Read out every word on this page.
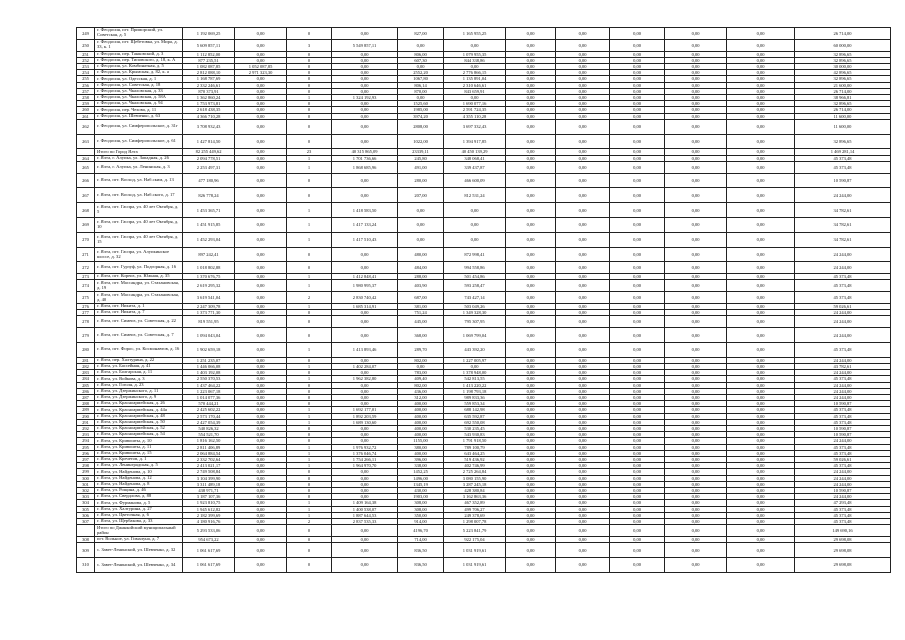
249	г. Феодосия, пгт. Приморский, ул. Советская, д. 5	1 192 069,25	0,00	0	0,00	827,00	1 165 955,25	0,00	0,00	0,00	0,00	0,00	26 714,00
250	г. Феодосия, пгт. Щебетовка, ул. Мира, д. 33, к. 1	5 609 857,11	0,00	3	5 549 857,11	0,00	0,00	0,00	0,00	0,00	0,00	0,00	60 000,00
251	г. Феодосия, пер. Танковский, д. 3	1 112 852,00	0,00	0	0,00	806,00	1 079 955,35	0,00	0,00	0,00	0,00	0,00	32 896,65
252	г. Феодосия, пер. Типовского, д. 18, к. А	877 235,51	0,00	0	0,00	607,30	844 338,86	0,00	0,00	0,00	0,00	0,00	32 896,65
253	г. Феодосия, ул. Комбинатная, д. 5	1 082 087,85	1 052 087,85	0	0,00	0,00	0,00	0,00	0,00	0,00	0,00	0,00	30 000,00
254	г. Феодосия, ул. Крымская, д. 82, к. а	2 812 088,10	2 971 323,30	0	0,00	2552,20	2 776 866,15	0,00	0,00	0,00	0,00	0,00	42 896,65
255	г. Феодосия, ул. Одесская, д. 1	1 168 787,69	0,00	0	0,00	1067,80	1 135 891,04	0,00	0,00	0,00	0,00	0,00	32 896,65
256	г. Феодосия, ул. Советская, д. 18	2 332 246,61	0,00	0	0,00	806,14	2 310 646,61	0,00	0,00	0,00	0,00	0,00	21 600,00
257	г. Феодосия, ул. Чкаловская, д. 33	870 373,91	0,00	0	0,00	870,00	843 659,91	0,00	0,00	0,00	0,00	0,00	26 714,00
258	г. Феодосия, ул. Чкаловская, д. 58А	1 362 860,24	0,00	1	1 324 192,93	0,00	0,00	0,00	0,00	0,00	0,00	0,00	38 966,81
259	г. Феодосия, ул. Чкаловская, д. 94	1 753 973,81	0,00	0	0,00	1525,60	1 690 077,16	0,00	0,00	0,00	0,00	0,00	32 896,65
260	г. Феодосия, пер. Чехова, д. 11	2 618 438,35	0,00	0	0,00	1985,00	2 591 724,35	0,00	0,00	0,00	0,00	0,00	26 714,00
261	г. Феодосия, ул. Шевченко, д. 63	4 366 710,28	0,00	0	0,00	3974,20	4 355 110,28	0,00	0,00	0,00	0,00	0,00	11 600,00
262	г. Феодосия, ул. Симферопольское, д. 31г	3 708 932,43	0,00	0	0,00	2808,00	3 697 332,43	0,00	0,00	0,00	0,00	0,00	11 600,00
263	г. Феодосия, ул. Симферопольское, д. 61	1 427 814,50	0,00	0	0,00	1022,00	1 394 917,85	0,00	0,00	0,00	0,00	0,00	32 896,65
	Итого по Город Ялта	82 255 449,62	0,00	23	40 315 865,09	23339,11	40 450 139,29	0,00	0,00	0,00	0,00	0,00	1 469 281,14
264	г. Ялта, г. Алупка, ул. Западная, д. 26	2 094 778,51	0,00	1	1 701 736,66	245,80	348 068,41	0,00	0,00	0,00	0,00	0,00	45 373,48
265	г. Ялта, г. Алупка, ул. Ленинская, д. 3	2 253 497,31	0,00	1	1 868 685,96	491,00	339 437,87	0,00	0,00	0,00	0,00	0,00	45 373,48
266	г. Ялта, пгт. Восход, ул. Наб.ским, д. 13	477 180,96	0,00	0	0,00	280,00	466 600,09	0,00	0,00	0,00	0,00	0,00	10 590,87
267	г. Ялта, пгт. Восход, ул. Наб.ского, д. 17	826 778,24	0,00	0	0,00	207,00	812 531,24	0,00	0,00	0,00	0,00	0,00	24 244,00
268	г. Ялта, пгт. Гаспра, ул. 40 лет Октября, д. 5	1 453 365,71	0,00	1	1 418 583,50	0,00	0,00	0,00	0,00	0,00	0,00	0,00	34 782,61
269	г. Ялта, пгт. Гаспра, ул. 40 лет Октября, д. 10	1 451 915,85	0,00	1	1 417 133,24	0,00	0,00	0,00	0,00	0,00	0,00	0,00	34 782,61
270	г. Ялта, пгт. Гаспра, ул. 40 лет Октября, д. 15	1 452 293,04	0,00	1	1 417 510,43	0,00	0,00	0,00	0,00	0,00	0,00	0,00	34 782,61
271	г. Ялта, пгт. Гаспра, ул. Алупкинское шоссе, д. 32	897 242,41	0,00	0	0,00	480,00	872 998,41	0,00	0,00	0,00	0,00	0,00	24 244,00
272	г. Ялта, пгт. Гурзуф, ул. Подгорная, д. 16	1 018 802,88	0,00	0	0,00	484,00	994 558,86	0,00	0,00	0,00	0,00	0,00	24 244,00
273	г. Ялта, пгт. Кореиз, ул. Южная, д. 35	1 370 676,75	0,00	1	1 412 848,41	288,00	501 454,86	0,00	0,00	0,00	0,00	0,00	45 373,48
274	г. Ялта, пгт. Массандра, ул. Стахановская, д. 19	2 619 295,32	0,00	1	1 980 995,37	403,90	593 258,47	0,00	0,00	0,00	0,00	0,00	45 373,48
275	г. Ялта, пгт. Массандра, ул. Стахановская, д. 40	3 619 541,04	0,00	2	2 830 740,42	687,00	743 427,14	0,00	0,00	0,00	0,00	0,00	45 373,48
276	г. Ялта, пгт. Никита, д. 1	2 247 309,78	0,00	1	1 685 314,91	381,00	503 049,26	0,00	0,00	0,00	0,00	0,00	59 026,61
277	г. Ялта, пгт. Никита, д. 7	1 373 771,30	0,00	0	0,00	751,24	1 349 328,30	0,00	0,00	0,00	0,00	0,00	24 244,00
278	г. Ялта, пгт. Симеиз, ул. Советская, д. 22	819 551,95	0,00	0	0,00	445,00	795 307,95	0,00	0,00	0,00	0,00	0,00	24 244,00
279	г. Ялта, пгт. Симеиз, ул. Советская, д. 7	1 094 043,04	0,00	0	0,00	368,00	1 069 799,04	0,00	0,00	0,00	0,00	0,00	24 244,00
280	г. Ялта, пгт. Форос, ул. Космонавтов, д. 16	1 902 659,18	0,00	1	1 413 893,46	289,70	443 392,20	0,00	0,00	0,00	0,00	0,00	45 373,48
281	г. Ялта, пер. Халтурина, д. 22	1 251 235,07	0,00	0	0,00	802,00	1 227 005,97	0,00	0,00	0,00	0,00	0,00	24 244,00
282	г. Ялта, ул. Бассейная, д. 41	1 446 066,08	0,00	1	1 402 284,07	0,00	0,00	0,00	0,00	0,00	0,00	0,00	43 782,61
283	г. Ялта, ул. Болгарская, д. 11	1 403 192,08	0,00	0	0,00	783,00	1 378 948,00	0,00	0,00	0,00	0,00	0,00	24 244,00
284	г. Ялта, ул. Войкова, д. 3	2 550 370,53	0,00	1	1 962 382,80	409,40	542 813,55	0,00	0,00	0,00	0,00	0,00	45 373,48
285	г. Ялта, ул. Гоголя, д. 23	1 437 464,22	0,00	0	0,00	802,00	1 413 220,22	0,00	0,00	0,00	0,00	0,00	24 244,00
286	г. Ялта, ул. Дзержинского, д. 11	1 223 067,18	0,00	0	0,00	436,00	1 198 793,18	0,00	0,00	0,00	0,00	0,00	24 244,00
287	г. Ялта, ул. Дзержинского, д. 9	1 014 077,36	0,00	0	0,00	312,00	989 833,36	0,00	0,00	0,00	0,00	0,00	24 244,00
288	г. Ялта, ул. Красноармейская, д. 26	570 444,21	0,00	0	0,00	400,00	559 853,34	0,00	0,00	0,00	0,00	0,00	10 590,87
289	г. Ялта, ул. Красноармейская, д. 44а	2 425 602,22	0,00	1	1 692 177,01	400,00	688 142,98	0,00	0,00	0,00	0,00	0,00	45 373,48
290	г. Ялта, ул. Красноармейская, д. 48	2 573 170,44	0,00	1	1 892 203,59	400,00	635 592,87	0,00	0,00	0,00	0,00	0,00	45 373,48
291	г. Ялта, ул. Красноармейская, д. 50	2 427 054,39	0,00	1	1 689 130,60	400,00	692 550,08	0,00	0,00	0,00	0,00	0,00	45 373,48
292	г. Ялта, ул. Красноармейская, д. 52	540 826,32	0,00	0	0,00	400,00	530 235,45	0,00	0,00	0,00	0,00	0,00	10 590,87
293	г. Ялта, ул. Красноармейская, д. 54	554 521,70	0,00	0	0,00	400,00	543 930,83	0,00	0,00	0,00	0,00	0,00	10 590,87
294	г. Ялта, ул. Кривошты, д. 10	1 816 162,50	0,00	0	0,00	1155,00	1 791 918,50	0,00	0,00	0,00	0,00	0,00	24 244,00
295	г. Ялта, ул. Кривошты, д. 11	2 811 406,89	0,00	1	1 976 932,72	380,00	789 100,79	0,00	0,00	0,00	0,00	0,00	45 373,48
296	г. Ялта, ул. Кривошты, д. 15	2 064 884,54	0,00	1	1 376 046,74	400,00	643 464,25	0,00	0,00	0,00	0,00	0,00	45 373,48
297	г. Ялта, ул. Кречетов, д. 1	2 332 702,64	0,00	1	1 754 266,11	396,00	519 436,92	0,00	0,00	0,00	0,00	0,00	59 026,61
298	г. Ялта, ул. Ленинградская, д. 5	2 413 021,17	0,00	1	1 964 970,70	338,00	402 746,99	0,00	0,00	0,00	0,00	0,00	45 373,48
299	г. Ялта, ул. Найденова, д. 10	2 749 508,84	0,00	0	0,00	1452,25	2 725 264,84	0,00	0,00	0,00	0,00	0,00	24 244,00
300	г. Ялта, ул. Найденова, д. 12	3 104 399,90	0,00	0	0,00	1496,00	3 080 155,90	0,00	0,00	0,00	0,00	0,00	24 244,00
301	г. Ялта, ул. Найденова, д. 8	3 311 489,18	0,00	0	0,00	1345,19	3 287 245,18	0,00	0,00	0,00	0,00	0,00	24 244,00
302	г. Ялта, ул. Рощина, д. 46	438 971,71	0,00	0	0,00	430,00	428 380,84	0,00	0,00	0,00	0,00	0,00	10 590,87
303	г. Ялта, ул. Свердлова, д. 88	3 187 107,36	0,00	0	0,00	1903,00	3 162 863,36	0,00	0,00	0,00	0,00	0,00	24 244,00
304	г. Ялта, ул. Фурманова, д. 5	1 923 810,75	0,00	1	1 409 164,38	308,00	467 352,89	0,00	0,00	0,00	0,00	0,00	47 293,48
305	г. Ялта, ул. Халтурина, д. 27	1 945 612,82	0,00	1	1 400 538,07	308,00	499 706,27	0,00	0,00	0,00	0,00	0,00	45 373,48
306	г. Ялта, ул. Цветочная, д. 6	2 182 399,69	0,00	1	1 887 644,53	350,00	249 378,69	0,00	0,00	0,00	0,00	0,00	45 373,48
307	г. Ялта, ул. Щербакова, д. 33	4 180 916,76	0,00	2	2 837 535,33	914,00	1 298 007,78	0,00	0,00	0,00	0,00	0,00	45 373,48
	Итого по Джанкойский муниципальный район	5 293 533,06	0,00	0	0,00	4196,70	5 223 841,79	0,00	0,00	0,00	0,00	0,00	149 690,16
308	пгт. Вольное, ул. Гималуна, д. 7	954 673,22	0,00	0	0,00	714,00	922 175,04	0,00	0,00	0,00	0,00	0,00	29 698,08
309	с. Завет-Ленинский, ул. Шевченко, д. 32	1 061 617,69	0,00	0	0,00	836,50	1 031 919,61	0,00	0,00	0,00	0,00	0,00	29 698,08
310	с. Завет-Ленинский, ул. Шевченко, д. 34	1 061 617,69	0,00	0	0,00	836,50	1 031 919,61	0,00	0,00	0,00	0,00	0,00	29 698,08
